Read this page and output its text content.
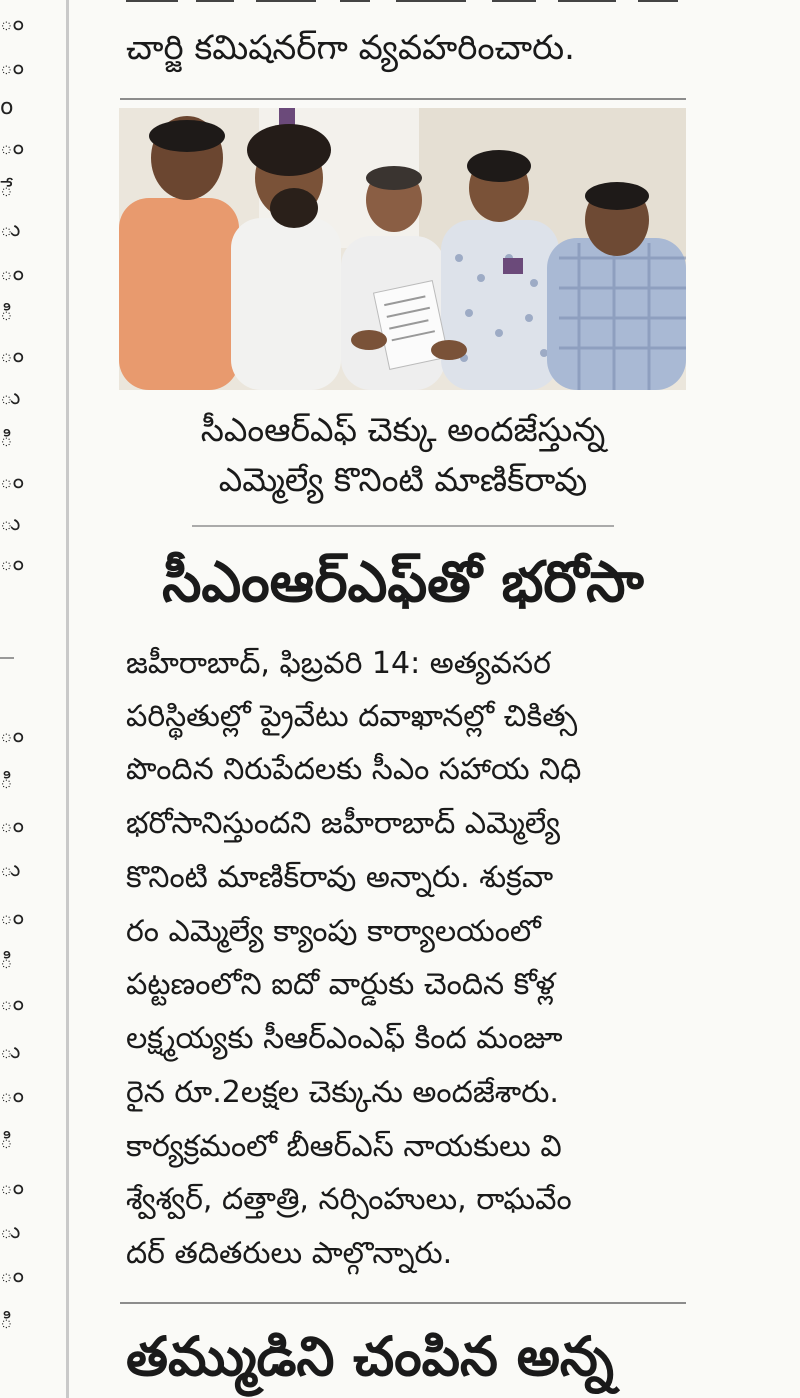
ం
ం
o
ం
ే
ు
ం
ి
ం
ు
ి
ం
ు
ం
ం
ి
ం
ు
ం
ి
ం
ు
ం
ి
ం
ు
ం
ి
చార్జి కమిషనర్‌గా వ్యవహరించారు.
సీఎంఆర్‌ఎఫ్ చెక్కు అందజేస్తున్న
ఎమ్మెల్యే కొనింటి మాణిక్‌రావు
సీఎంఆర్‌ఎఫ్‌తో భరోసా
జహీరాబాద్, ఫిబ్రవరి 14: అత్యవసర
పరిస్థితుల్లో ప్రైవేటు దవాఖానల్లో చికిత్స
పొందిన నిరుపేదలకు సీఎం సహాయ నిధి
భరోసానిస్తుందని జహీరాబాద్ ఎమ్మెల్యే
కొనింటి మాణిక్‌రావు అన్నారు. శుక్రవా
రం ఎమ్మెల్యే క్యాంపు కార్యాలయంలో
పట్టణంలోని ఐదో వార్డుకు చెందిన కోళ్ల
లక్ష్మయ్యకు సీఆర్‌ఎంఎఫ్ కింద మంజూ
రైన రూ.2లక్షల చెక్కును అందజేశారు.
కార్యక్రమంలో బీఆర్‌ఎస్ నాయకులు వి
శ్వేశ్వర్, దత్తాత్రి, నర్సింహులు, రాఘవేం
దర్ తదితరులు పాల్గొన్నారు.
తమ్ముడిని చంపిన అన్న
